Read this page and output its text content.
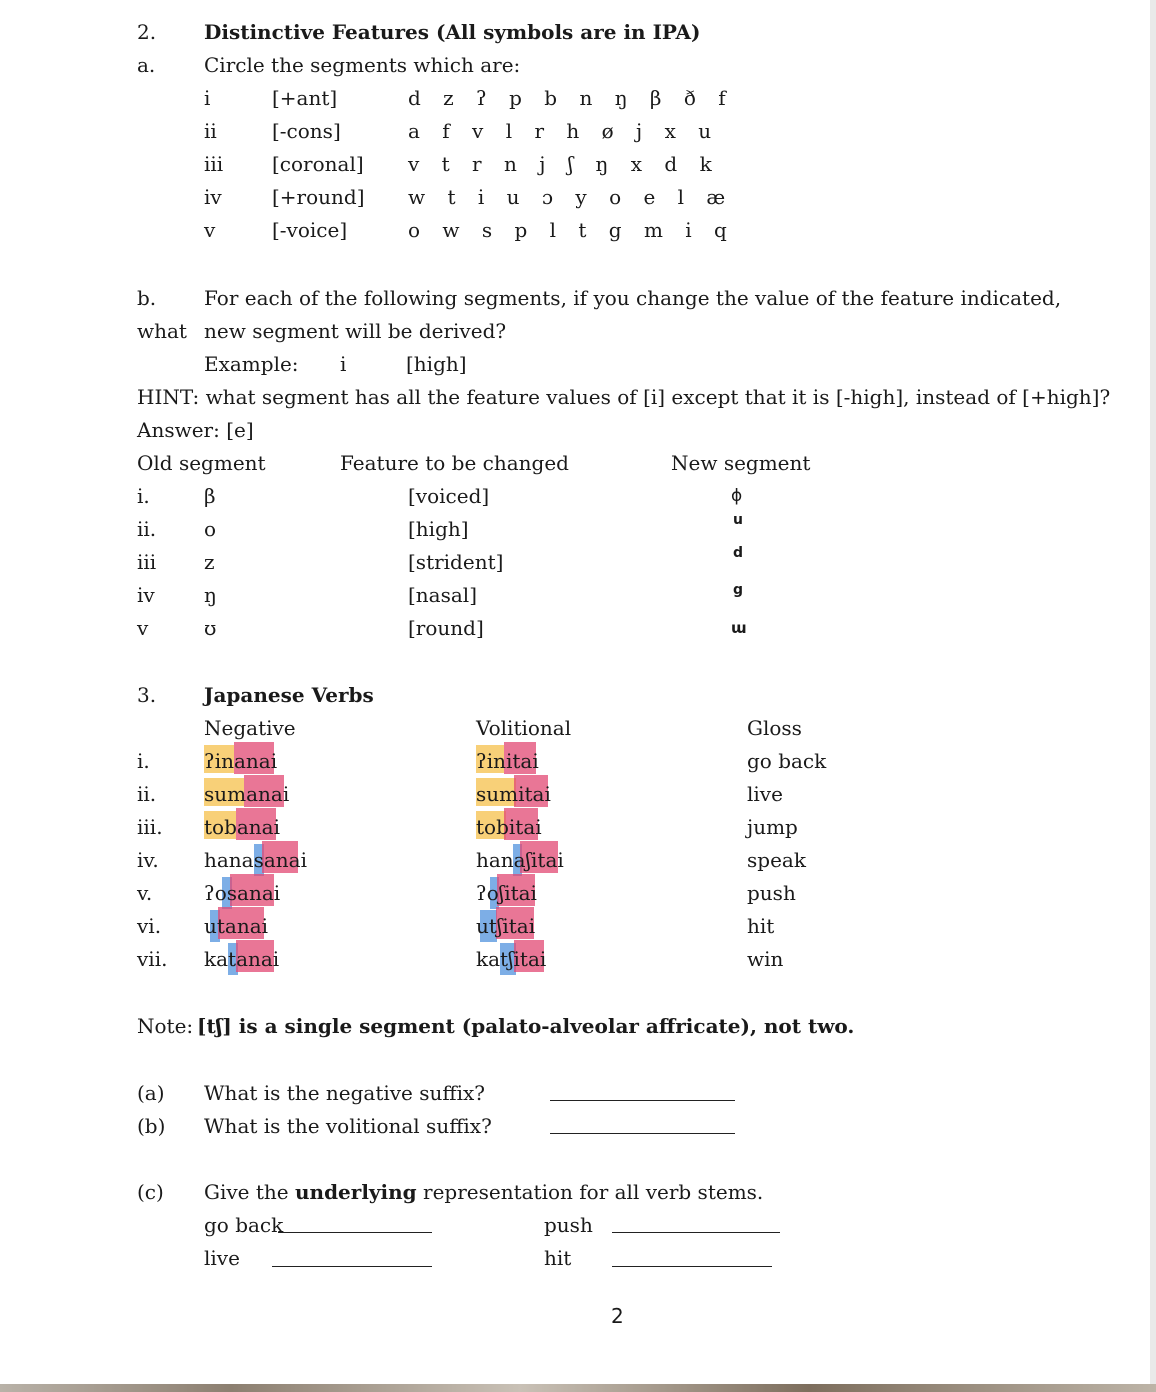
2. Distinctive Features (All symbols are in IPA)
a. Circle the segments which are:
i	[+ant]	d z ʔ p b n ŋ β ð f
ii	[-cons]	a f v l r h ø j x u
iii [coronal] v t r n j ʃ ŋ x d k
iv	[+round] w t i u ɔ y o e l æ
v	[-voice]	o w s p l t g m i q
b. For each of the following segments, if you change the value of the feature indicated,
what new segment will be derived?
Example: i	[high]
HINT: what segment has all the feature values of [i] except that it is [-high], instead of [+high]?
Answer: [e]
Old segment	Feature to be changed	New segment
i.	β	[voiced]	ɸ
ii. o	[high]	u
iii z	[strident]	d
iv ŋ	[nasal]	g
v	ʊ	[round]	ɯ
3. Japanese Verbs
Negative	Volitional	Gloss
i.	ʔinanai	ʔinitai	go back
ii. sumanai	sumitai	live
iii. tobanai	tobitai	jump
iv. hanasanai	hanaʃitai	speak
v.	ʔosanai	ʔoʃitai	push
vi. utanai	utʃitai	hit
vii. katanai	katʃitai	win
Note: [tʃ] is a single segment (palato-alveolar affricate), not two.
(a) What is the negative suffix?
(b) What is the volitional suffix?
(c) Give the underlying representation for all verb stems.
go back	push
live	hit
2
